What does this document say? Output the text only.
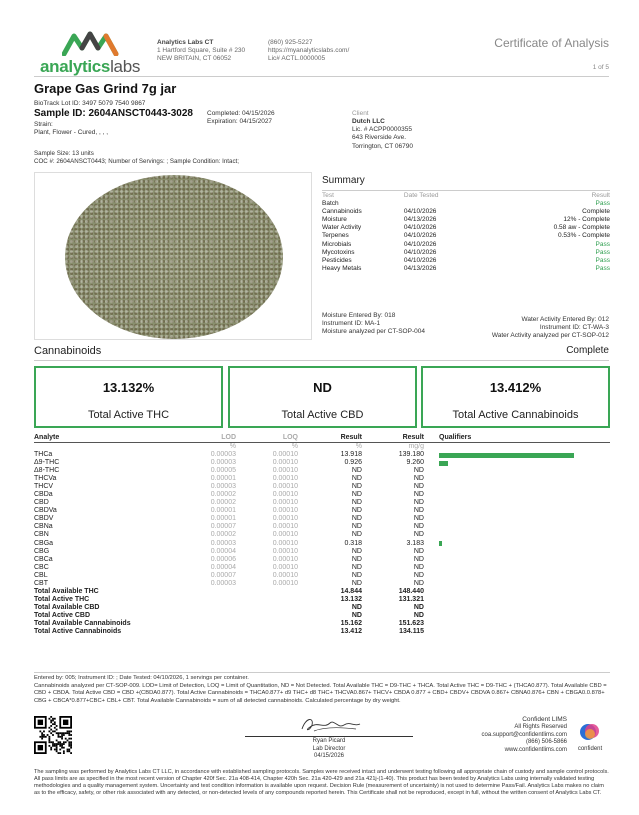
analyticslabs
Analytics Labs CT
1 Hartford Square, Suite # 230
NEW BRITAIN, CT 06052
(860) 925-5227
https://myanalyticslabs.com/
Lic# ACTL.0000005
Certificate of Analysis
1 of 5
Grape Gas Grind 7g jar
BioTrack Lot ID: 3497 5079 7540 9867
Sample ID: 2604ANSCT0443-3028
Strain:
Plant, Flower - Cured, , , ,
Completed: 04/15/2026
Expiration: 04/15/2027
Client
Dutch LLC
Lic. # ACPP0000355
643 Riverside Ave.
Torrington, CT 06790
Sample Size: 13 units
COC #: 2604ANSCT0443; Number of Servings: ; Sample Condition: Intact;
Summary
Test	Date Tested	Result
Batch		Pass
Cannabinoids	04/10/2026	Complete
Moisture	04/13/2026	12% - Complete
Water Activity	04/10/2026	0.58 aw - Complete
Terpenes	04/10/2026	0.53% - Complete
Microbials	04/10/2026	Pass
Mycotoxins	04/10/2026	Pass
Pesticides	04/10/2026	Pass
Heavy Metals	04/13/2026	Pass
Moisture Entered By: 018
Instrument ID: MA-1
Moisture analyzed per CT-SOP-004
Water Activity Entered By: 012
Instrument ID: CT-WA-3
Water Activity analyzed per CT-SOP-012
Cannabinoids	Complete
13.132%
Total Active THC
ND
Total Active CBD
13.412%
Total Active Cannabinoids
Analyte	LOD	LOQ	Result	Result		Qualifiers
	%	%	%	mg/g		
THCa	0.00003	0.00010	13.918	139.180		

Δ9-THC	0.00003	0.00010	0.926	9.260		

Δ8-THC	0.00005	0.00010	ND	ND		
THCVa	0.00001	0.00010	ND	ND		
THCV	0.00003	0.00010	ND	ND		
CBDa	0.00002	0.00010	ND	ND		
CBD	0.00002	0.00010	ND	ND		
CBDVa	0.00001	0.00010	ND	ND		
CBDV	0.00001	0.00010	ND	ND		
CBNa	0.00007	0.00010	ND	ND		
CBN	0.00002	0.00010	ND	ND		
CBGa	0.00003	0.00010	0.318	3.183		

CBG	0.00004	0.00010	ND	ND		
CBCa	0.00006	0.00010	ND	ND		
CBC	0.00004	0.00010	ND	ND		
CBL	0.00007	0.00010	ND	ND		
CBT	0.00003	0.00010	ND	ND		
Total Available THC			14.844	148.440		
Total Active THC			13.132	131.321		
Total Available CBD			ND	ND		
Total Active CBD			ND	ND		
Total Available Cannabinoids			15.162	151.623		
Total Active Cannabinoids			13.412	134.115		
Entered by: 005; Instrument ID: ; Date Tested: 04/10/2026, 1 servings per container.
Cannabinoids analyzed per CT-SOP-009. LOD= Limit of Detection, LOQ = Limit of Quantitation, ND = Not Detected. Total Available THC = D9-THC + THCA. Total Active THC = D9-THC + (THCA0.877). Total Available CBD = CBD + CBDA. Total Active CBD = CBD +(CBDA0.877). Total Active Cannabinoids = THCA0.877+ d9 THC+ d8 THC+ THCVA0.867+ THCV+ CBDA 0.877 + CBD+ CBDV+ CBDVA 0.867+ CBNA0.876+ CBN + CBGA0.0.878+ CBG + CBCA*0.877+CBC+ CBL+ CBT. Total Available Cannabinoids = sum of all detected cannabinoids. Calculated percentage by dry weight.
Ryan Picard
Lab Director
04/15/2026
Confident LIMS
All Rights Reserved
coa.support@confidentlims.com
(866) 506-5866
www.confidentlims.com	confident
The sampling was performed by Analytics Labs CT LLC, in accordance with established sampling protocols. Samples were received intact and underwent testing following all appropriate chain of custody and sample control protocols. All pass limits are as specified in the most recent version of Chapter 420f Sec. 21a 408-414, Chapter 420h Sec. 21a 420-429 and 21a 421j-(1-40). This product has been tested by Analytics Labs using internally validated testing methodologies and a quality management system. Uncertainty and test condition information is available upon request. Decision Rule (measurement of uncertainty) is not used to determine Pass/Fail. Analytics Labs makes no claim as to the efficacy, safety, or other risk associated with any detected, or non-detected levels of any compounds reported herein. This Certificate shall not be reproduced, except in full, without the written consent of Analytics Labs CT.
